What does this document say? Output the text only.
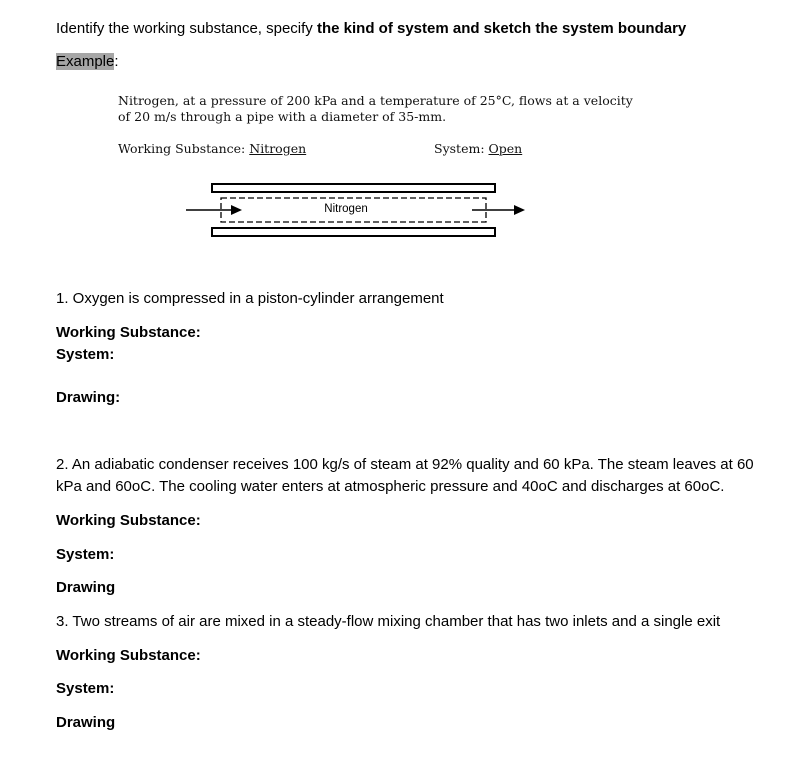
Identify the working substance, specify the kind of system and sketch the system boundary
Example:
Nitrogen, at a pressure of 200 kPa and a temperature of 25°C, flows at a velocity
of 20 m/s through a pipe with a diameter of 35-mm.
Working Substance: Nitrogen	System: Open
Nitrogen
1. Oxygen is compressed in a piston-cylinder arrangement
Working Substance:
System:
Drawing:
2. An adiabatic condenser receives 100 kg/s of steam at 92% quality and 60 kPa. The steam leaves at 60
kPa and 60oC. The cooling water enters at atmospheric pressure and 40oC and discharges at 60oC.
Working Substance:
System:
Drawing
3. Two streams of air are mixed in a steady-flow mixing chamber that has two inlets and a single exit
Working Substance:
System:
Drawing
